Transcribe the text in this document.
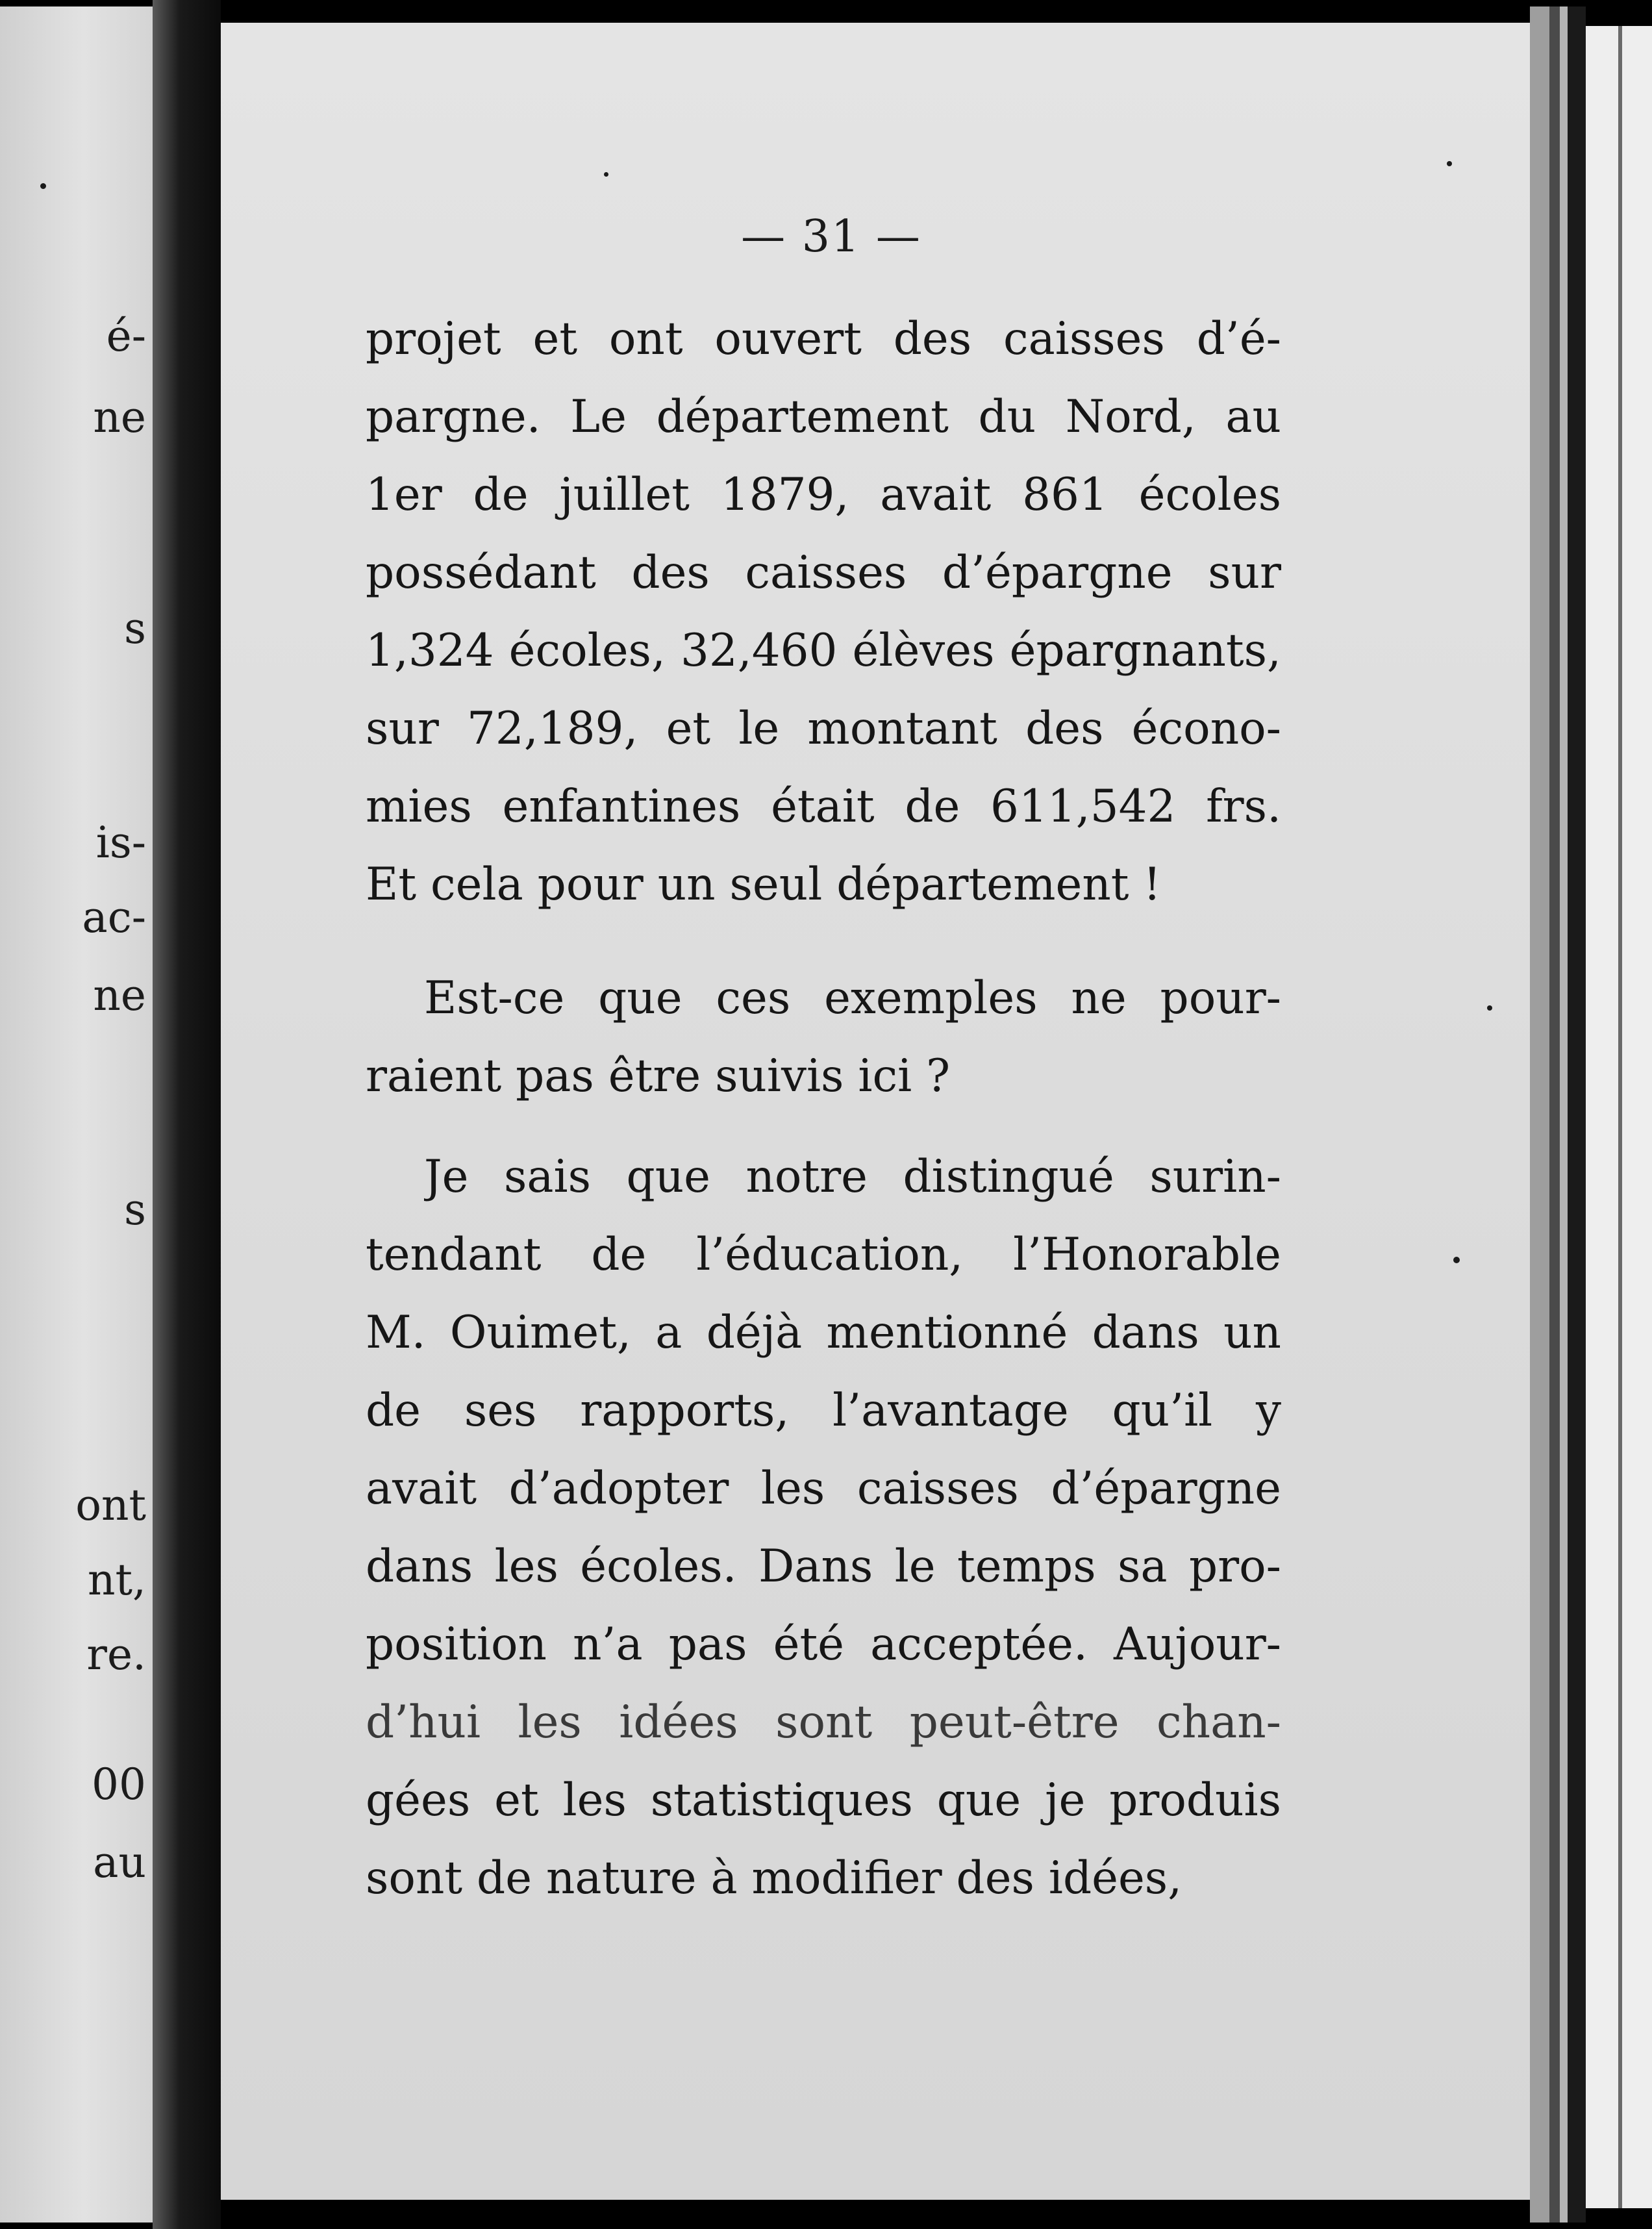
é-
ne
s
is-
ac-
ne
s
ont
nt,
re.
00
au
— 31 —
projet et ont ouvert des caisses d’é-
pargne. Le département du Nord, au
1er de juillet 1879, avait 861 écoles
possédant des caisses d’épargne sur
1,324 écoles, 32,460 élèves épargnants,
sur 72,189, et le montant des écono-
mies enfantines était de 611,542 frs.
Et cela pour un seul département !
Est-ce que ces exemples ne pour-
raient pas être suivis ici ?
Je sais que notre distingué surin-
tendant de l’éducation, l’Honorable
M. Ouimet, a déjà mentionné dans un
de ses rapports, l’avantage qu’il y
avait d’adopter les caisses d’épargne
dans les écoles. Dans le temps sa pro-
position n’a pas été acceptée. Aujour-
d’hui les idées sont peut-être chan-
gées et les statistiques que je produis
sont de nature à modifier des idées,
